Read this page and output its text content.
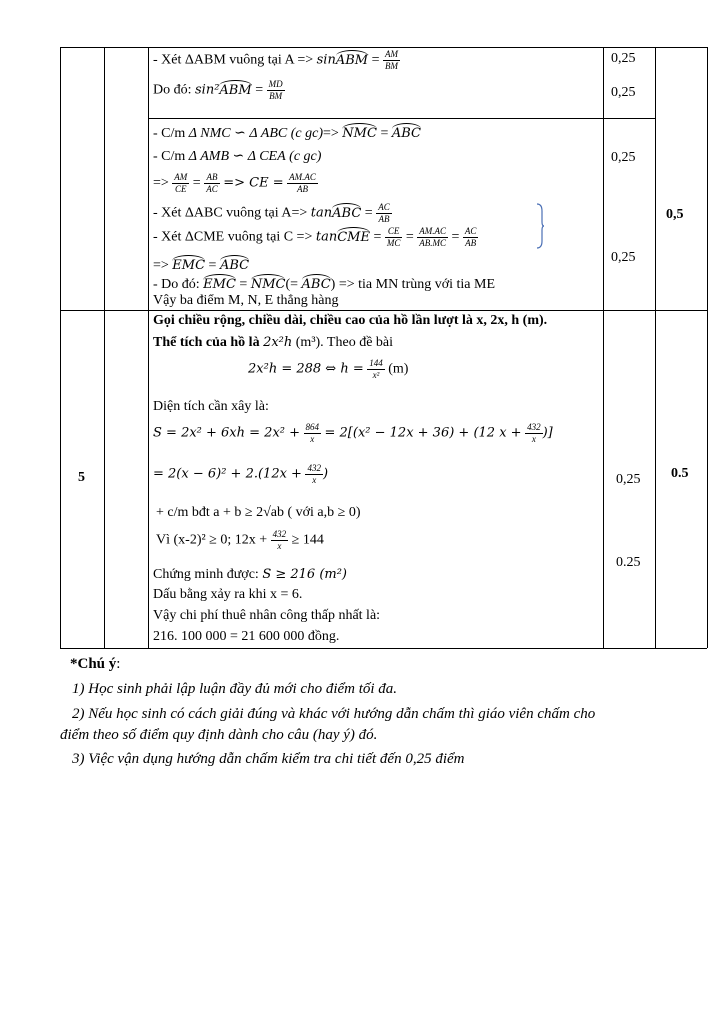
- Xét ΔABM vuông tại A => sinABM = $\frac{AM}{BM}$
Do đó: $\sin^2ABM = \frac{MD}{BM}$
- C/m Δ NMC ∽ Δ ABC (c gc)=> NMC = ABC
- C/m Δ AMB ∽ Δ CEA (c gc)
=> $\frac{AM}{CE} = \frac{AB}{AC}$ => CE = $\frac{AM.AC}{AB}$
- Xét ΔABC vuông tại A=> tanABC = $\frac{AC}{AB}$
- Xét ΔCME vuông tại C => tanCME = $\frac{CE}{MC} = \frac{AM.AC}{AB.MC} = \frac{AC}{AB}$
=> EMC = ABC
- Do đó: EMC = NMC(= ABC) => tia MN trùng với tia ME
Vậy ba điểm M, N, E thẳng hàng
0,25
0,25
0,25
0,25
0,5
5
Gọi chiều rộng, chiều dài, chiều cao của hồ lần lượt là x, 2x, h (m).
Thể tích của hồ là 2x²h (m³). Theo đề bài
2x²h = 288 ⇔ $h = \frac{144}{\text{x²}} (m)$
Diện tích cần xây là:
$S = 2x^2 + 6xh = 2x^2 + \frac{864}{x} = 2[(x^2 - 12x + 36) + (12$ $x + \frac{432}{x}$ )]
= $2(x - 6)^2 + 2.(12x + \frac{432}{x}$ )
+ c/m bđt a + b ≥ 2√ab ( với a,b ≥ 0)
Vì (x-2)² ≥ 0; $12x + \frac{432}{x} \ge 144$
Chứng minh được: S ≥ 216 (m²)
Dấu bằng xảy ra khi x = 6.
Vậy chi phí thuê nhân công thấp nhất là:
216. 100 000 = 21 600 000 đồng.
0,25
0.25
0.5
*Chú ý:
1) Học sinh phải lập luận đầy đủ mới cho điểm tối đa.
2) Nếu học sinh có cách giải đúng và khác với hướng dẫn chấm thì giáo viên chấm cho
điểm theo số điểm quy định dành cho câu (hay ý) đó.
3) Việc vận dụng hướng dẫn chấm kiểm tra chi tiết đến 0,25 điểm
